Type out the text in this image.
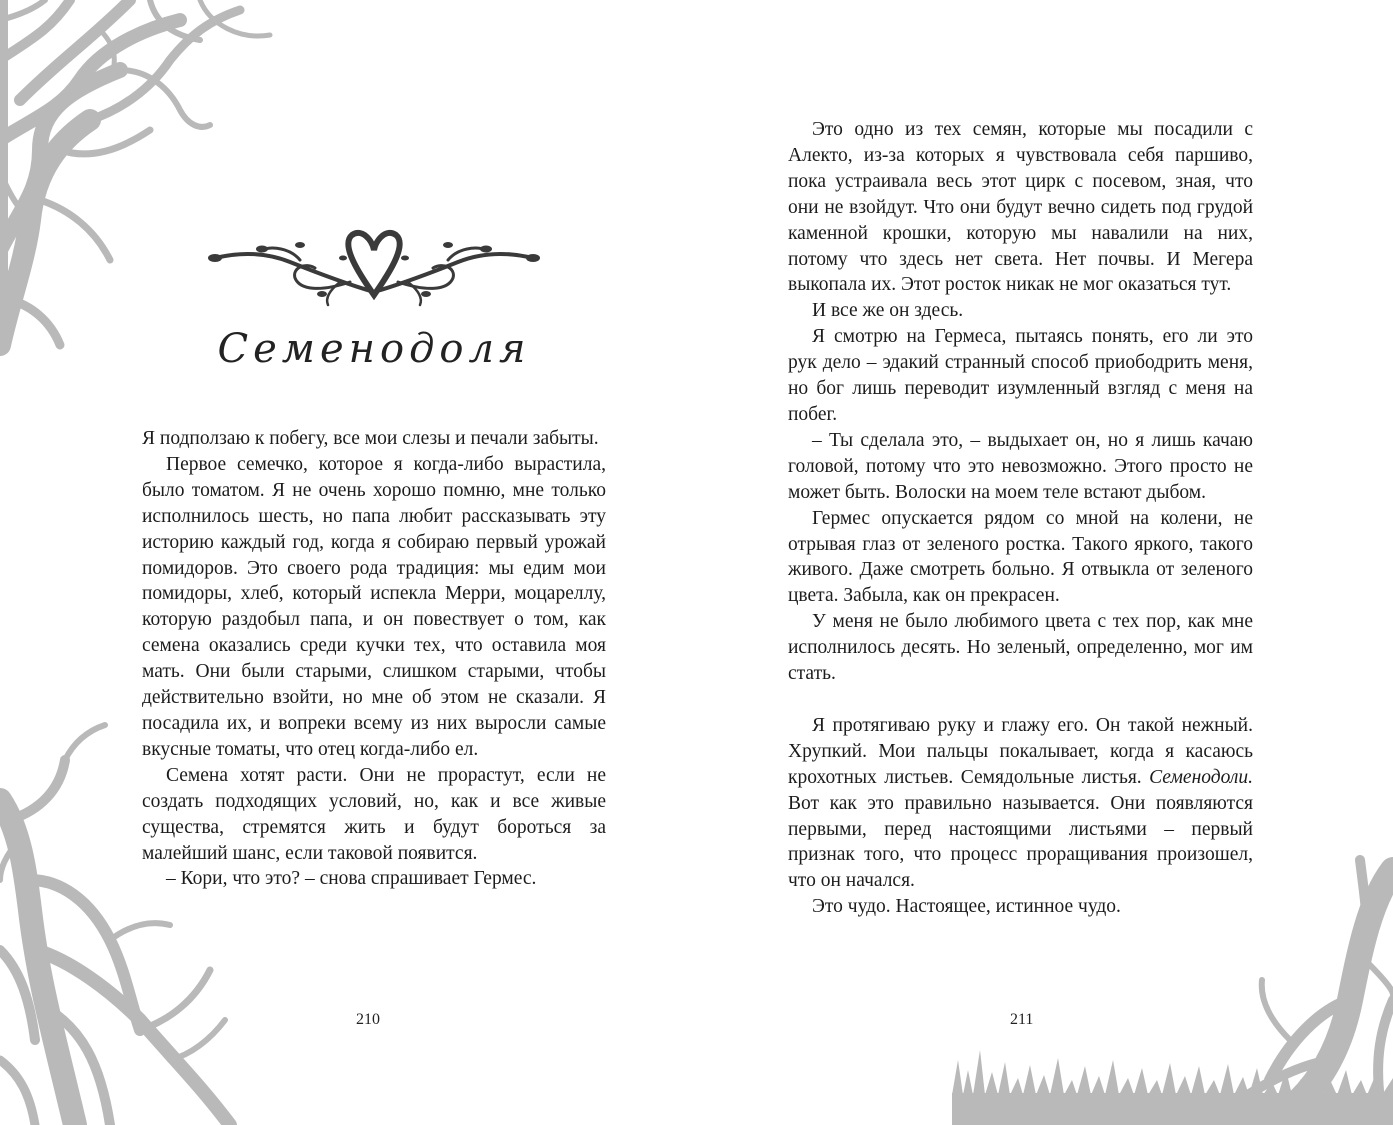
Семенодоля

Я подползаю к побегу, все мои слезы и печали забыты.

Первое семечко, которое я когда-либо вырастила, было томатом. Я не очень хорошо помню, мне только исполнилось шесть, но папа любит рассказывать эту историю каждый год, когда я собираю первый урожай помидоров. Это своего рода традиция: мы едим мои помидоры, хлеб, который испекла Мерри, моцареллу, которую раздобыл папа, и он повествует о том, как семена оказались среди кучки тех, что оставила моя мать. Они были старыми, слишком старыми, чтобы действительно взойти, но мне об этом не сказали. Я посадила их, и вопреки всему из них выросли самые вкусные томаты, что отец когда-либо ел.

Семена хотят расти. Они не прорастут, если не создать подходящих условий, но, как и все живые существа, стремятся жить и будут бороться за малейший шанс, если таковой появится.

– Кори, что это? – снова спрашивает Гермес.

210

Это одно из тех семян, которые мы посадили с Алекто, из-за которых я чувствовала себя паршиво, пока устраивала весь этот цирк с посевом, зная, что они не взойдут. Что они будут вечно сидеть под грудой каменной крошки, которую мы навалили на них, потому что здесь нет света. Нет почвы. И Мегера выкопала их. Этот росток никак не мог оказаться тут.

И все же он здесь.

Я смотрю на Гермеса, пытаясь понять, его ли это рук дело – эдакий странный способ приободрить меня, но бог лишь переводит изумленный взгляд с меня на побег.

– Ты сделала это, – выдыхает он, но я лишь качаю головой, потому что это невозможно. Этого просто не может быть. Волоски на моем теле встают дыбом.

Гермес опускается рядом со мной на колени, не отрывая глаз от зеленого ростка. Такого яркого, такого живого. Даже смотреть больно. Я отвыкла от зеленого цвета. Забыла, как он прекрасен.

У меня не было любимого цвета с тех пор, как мне исполнилось десять. Но зеленый, определенно, мог им стать.

Я протягиваю руку и глажу его. Он такой нежный. Хрупкий. Мои пальцы покалывает, когда я касаюсь крохотных листьев. Семядольные листья. Семенодоли. Вот как это правильно называется. Они появляются первыми, перед настоящими листьями – первый признак того, что процесс проращивания произошел, что он начался.

Это чудо. Настоящее, истинное чудо.

211
